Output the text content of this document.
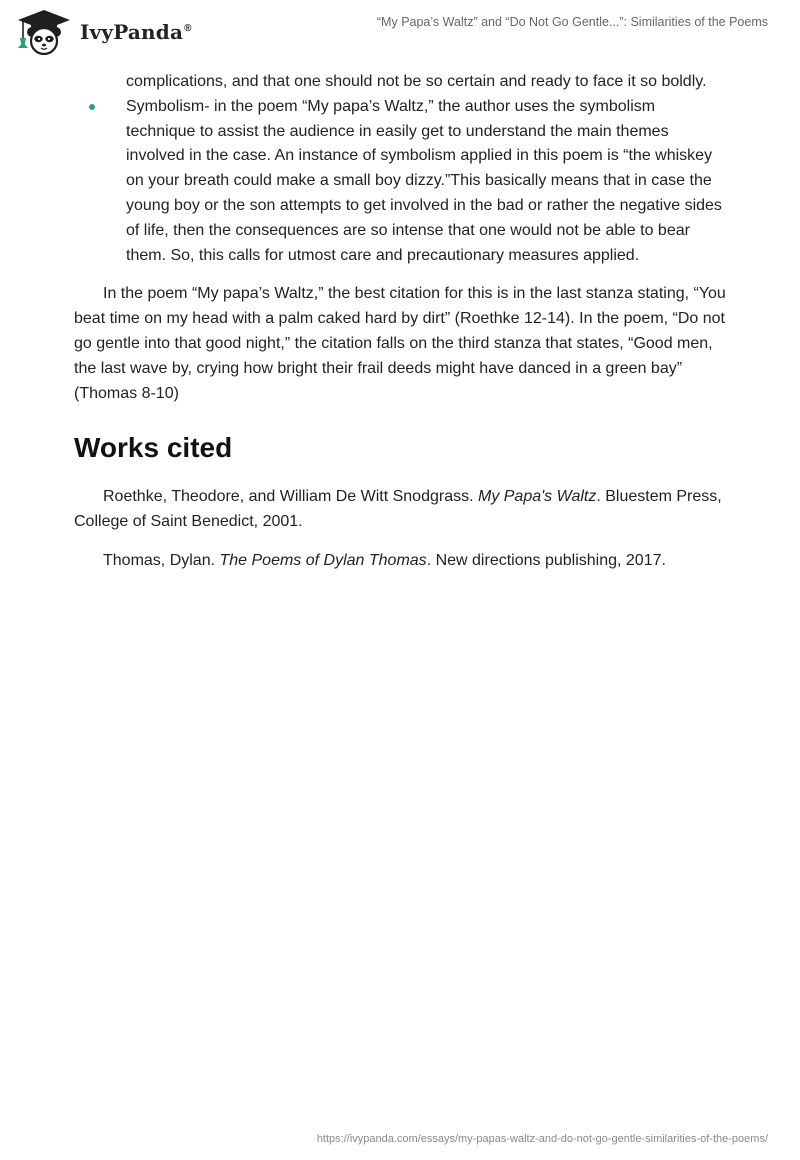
IvyPanda®	“My Papa’s Waltz” and “Do Not Go Gentle...”: Similarities of the Poems
complications, and that one should not be so certain and ready to face it so boldly.
Symbolism- in the poem “My papa’s Waltz,” the author uses the symbolism technique to assist the audience in easily get to understand the main themes involved in the case. An instance of symbolism applied in this poem is “the whiskey on your breath could make a small boy dizzy.”This basically means that in case the young boy or the son attempts to get involved in the bad or rather the negative sides of life, then the consequences are so intense that one would not be able to bear them. So, this calls for utmost care and precautionary measures applied.

In the poem “My papa’s Waltz,” the best citation for this is in the last stanza stating, “You beat time on my head with a palm caked hard by dirt” (Roethke 12-14). In the poem, “Do not go gentle into that good night,” the citation falls on the third stanza that states, “Good men, the last wave by, crying how bright their frail deeds might have danced in a green bay” (Thomas 8-10)

Works cited

Roethke, Theodore, and William De Witt Snodgrass. My Papa's Waltz. Bluestem Press, College of Saint Benedict, 2001.

Thomas, Dylan. The Poems of Dylan Thomas. New directions publishing, 2017.

https://ivypanda.com/essays/my-papas-waltz-and-do-not-go-gentle-similarities-of-the-poems/
